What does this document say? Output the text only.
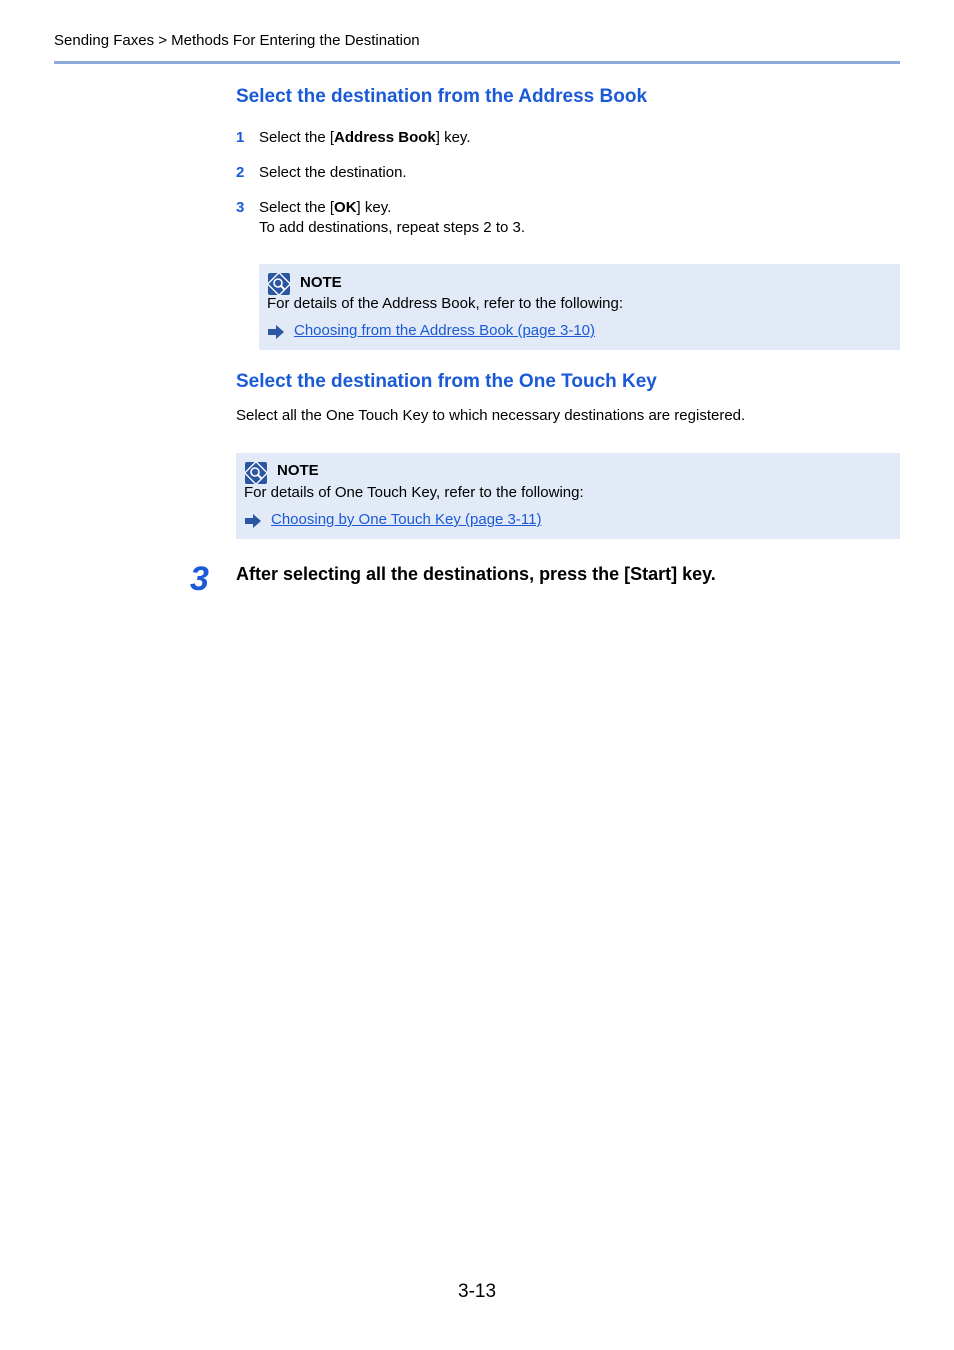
Sending Faxes > Methods For Entering the Destination
Select the destination from the Address Book
1 Select the [Address Book] key.
2 Select the destination.
3 Select the [OK] key.
To add destinations, repeat steps 2 to 3.
NOTE
For details of the Address Book, refer to the following:
Choosing from the Address Book (page 3-10)
Select the destination from the One Touch Key
Select all the One Touch Key to which necessary destinations are registered.
NOTE
For details of One Touch Key, refer to the following:
Choosing by One Touch Key (page 3-11)
3 After selecting all the destinations, press the [Start] key.
3-13
